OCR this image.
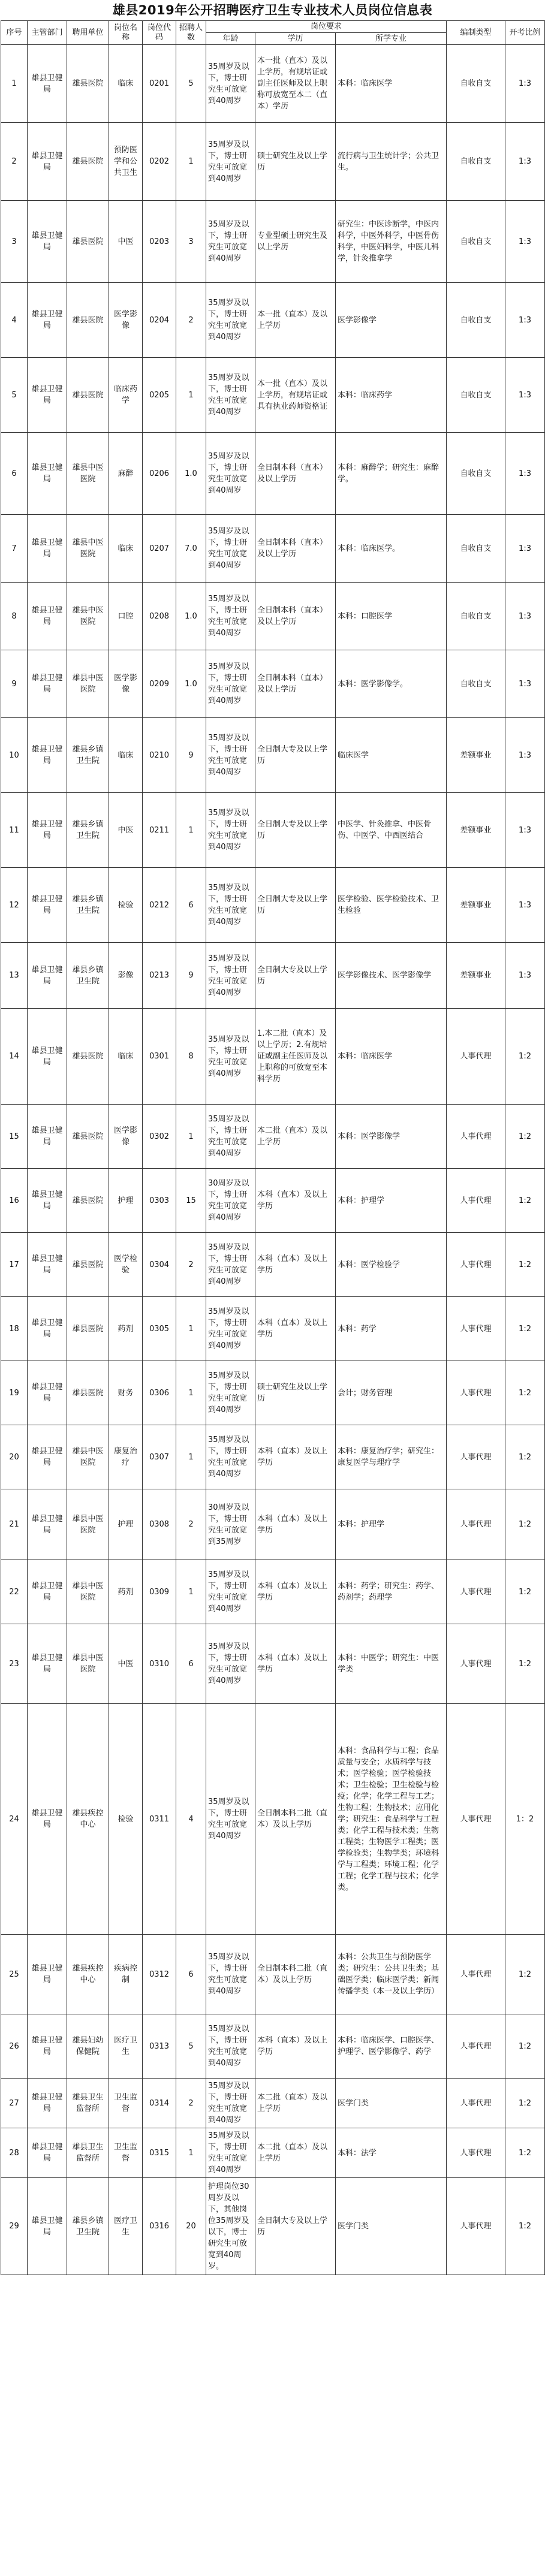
雄县2019年公开招聘医疗卫生专业技术人员岗位信息表
序号	主管部门	聘用单位	岗位名称	岗位代码	招聘人数	岗位要求			编制类型	开考比例
						年龄	学历	所学专业		
1	雄县卫健局	雄县医院	临床	0201	5	35周岁及以下，博士研究生可放宽到40周岁	本一批（直本）及以上学历，有规培证或副主任医师及以上职称可放宽至本二（直本）学历	本科：临床医学	自收自支	1:3
2	雄县卫健局	雄县医院	预防医学和公共卫生	0202	1	35周岁及以下，博士研究生可放宽到40周岁	硕士研究生及以上学历	流行病与卫生统计学；公共卫生。	自收自支	1:3
3	雄县卫健局	雄县医院	中医	0203	3	35周岁及以下，博士研究生可放宽到40周岁	专业型硕士研究生及以上学历	研究生：中医诊断学，中医内科学，中医外科学，中医骨伤科学，中医妇科学，中医儿科学，针灸推拿学	自收自支	1:3
4	雄县卫健局	雄县医院	医学影像	0204	2	35周岁及以下，博士研究生可放宽到40周岁	本一批（直本）及以上学历	医学影像学	自收自支	1:3
5	雄县卫健局	雄县医院	临床药学	0205	1	35周岁及以下，博士研究生可放宽到40周岁	本一批（直本）及以上学历，有规培证或具有执业药师资格证	本科：临床药学	自收自支	1:3
6	雄县卫健局	雄县中医医院	麻醉	0206	1.0	35周岁及以下，博士研究生可放宽到40周岁	全日制本科（直本）及以上学历	本科：麻醉学；研究生：麻醉学。	自收自支	1:3
7	雄县卫健局	雄县中医医院	临床	0207	7.0	35周岁及以下，博士研究生可放宽到40周岁	全日制本科（直本）及以上学历	本科：临床医学。	自收自支	1:3
8	雄县卫健局	雄县中医医院	口腔	0208	1.0	35周岁及以下，博士研究生可放宽到40周岁	全日制本科（直本）及以上学历	本科：口腔医学	自收自支	1:3
9	雄县卫健局	雄县中医医院	医学影像	0209	1.0	35周岁及以下，博士研究生可放宽到40周岁	全日制本科（直本）及以上学历	本科：医学影像学。	自收自支	1:3
10	雄县卫健局	雄县乡镇卫生院	临床	0210	9	35周岁及以下，博士研究生可放宽到40周岁	全日制大专及以上学历	临床医学	差额事业	1:3
11	雄县卫健局	雄县乡镇卫生院	中医	0211	1	35周岁及以下，博士研究生可放宽到40周岁	全日制大专及以上学历	中医学、针灸推拿、中医骨伤、中医学、中西医结合	差额事业	1:3
12	雄县卫健局	雄县乡镇卫生院	检验	0212	6	35周岁及以下，博士研究生可放宽到40周岁	全日制大专及以上学历	医学检验、医学检验技术、卫生检验	差额事业	1:3
13	雄县卫健局	雄县乡镇卫生院	影像	0213	9	35周岁及以下，博士研究生可放宽到40周岁	全日制大专及以上学历	医学影像技术、医学影像学	差额事业	1:3
14	雄县卫健局	雄县医院	临床	0301	8	35周岁及以下，博士研究生可放宽到40周岁	1.本二批（直本）及以上学历；2.有规培证或副主任医师及以上职称的可放宽至本科学历	本科：临床医学	人事代理	1:2
15	雄县卫健局	雄县医院	医学影像	0302	1	35周岁及以下，博士研究生可放宽到40周岁	本二批（直本）及以上学历	本科：医学影像学	人事代理	1:2
16	雄县卫健局	雄县医院	护理	0303	15	30周岁及以下，博士研究生可放宽到40周岁	本科（直本）及以上学历	本科：护理学	人事代理	1:2
17	雄县卫健局	雄县医院	医学检验	0304	2	35周岁及以下，博士研究生可放宽到40周岁	本科（直本）及以上学历	本科：医学检验学	人事代理	1:2
18	雄县卫健局	雄县医院	药剂	0305	1	35周岁及以下，博士研究生可放宽到40周岁	本科（直本）及以上学历	本科：药学	人事代理	1:2
19	雄县卫健局	雄县医院	财务	0306	1	35周岁及以下，博士研究生可放宽到40周岁	硕士研究生及以上学历	会计；财务管理	人事代理	1:2
20	雄县卫健局	雄县中医医院	康复治疗	0307	1	35周岁及以下，博士研究生可放宽到40周岁	本科（直本）及以上学历	本科：康复治疗学；研究生：康复医学与理疗学	人事代理	1:2
21	雄县卫健局	雄县中医医院	护理	0308	2	30周岁及以下，博士研究生可放宽到35周岁	本科（直本）及以上学历	本科：护理学	人事代理	1:2
22	雄县卫健局	雄县中医医院	药剂	0309	1	35周岁及以下，博士研究生可放宽到40周岁	本科（直本）及以上学历	本科：药学；研究生：药学、药剂学；药理学	人事代理	1:2
23	雄县卫健局	雄县中医医院	中医	0310	6	35周岁及以下，博士研究生可放宽到40周岁	本科（直本）及以上学历	本科：中医学；研究生：中医学类	人事代理	1:2
24	雄县卫健局	雄县疾控中心	检验	0311	4	35周岁及以下，博士研究生可放宽到40周岁	全日制本科二批（直本）及以上学历	本科：食品科学与工程；食品质量与安全；水质科学与技术；医学检验；医学检验技术；卫生检验；卫生检验与检疫；化学；化学工程与工艺；生物工程；生物技术；应用化学；研究生：食品科学与工程类；化学工程与技术类；生物工程类；生物医学工程类；医学检验类；生物学类；环境科学与工程类；环境工程；化学工程；化学工程与技术；化学类。	人事代理	1：2
25	雄县卫健局	雄县疾控中心	疾病控制	0312	6	35周岁及以下，博士研究生可放宽到40周岁	全日制本科二批（直本）及以上学历	本科：公共卫生与预防医学类；研究生：公共卫生类；基础医学类；临床医学类；新闻传播学类（本一及以上学历）	人事代理	1:2
26	雄县卫健局	雄县妇幼保健院	医疗卫生	0313	5	35周岁及以下，博士研究生可放宽到40周岁	本科（直本）及以上学历	本科：临床医学、口腔医学、护理学、医学影像学、药学	人事代理	1:2
27	雄县卫健局	雄县卫生监督所	卫生监督	0314	2	35周岁及以下，博士研究生可放宽到40周岁	本二批（直本）及以上学历	医学门类	人事代理	1:2
28	雄县卫健局	雄县卫生监督所	卫生监督	0315	1	35周岁及以下，博士研究生可放宽到40周岁	本二批（直本）及以上学历	本科：法学	人事代理	1:2
29	雄县卫健局	雄县乡镇卫生院	医疗卫生	0316	20	护理岗位30周岁及以下，其他岗位35周岁及以下，博士研究生可放宽到40周岁。	全日制大专及以上学历	医学门类	人事代理	1:2
